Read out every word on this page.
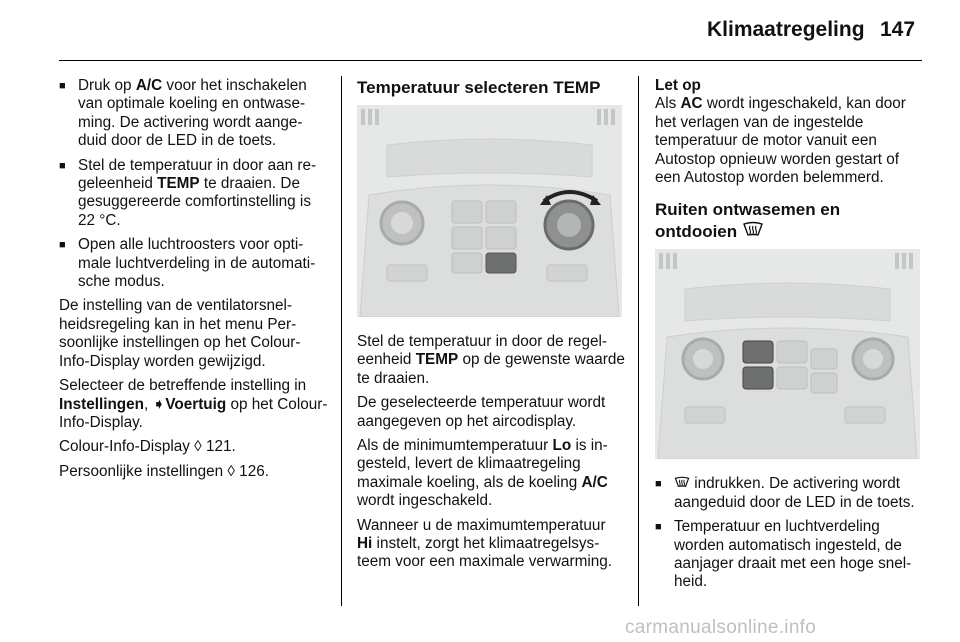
Klimaatregeling 147
■ Druk op A/C voor het inschakelen van optimale koeling en ontwase-ming. De activering wordt aange-duid door de LED in de toets.
■ Stel de temperatuur in door aan re-geleenheid TEMP te draaien. De gesuggereerde comfortinstelling is 22 °C.
■ Open alle luchtroosters voor opti-male luchtverdeling in de automati-sche modus.

De instelling van de ventilatorsnel-heidsregeling kan in het menu Per-soonlijke instellingen op het Colour-Info-Display worden gewijzigd.

Selecteer de betreffende instelling in Instellingen, ➧Voertuig op het Colour-Info-Display.

Colour-Info-Display ◊ 121.

Persoonlijke instellingen ◊ 126.

Temperatuur selecteren TEMP

Stel de temperatuur in door de regel-eenheid TEMP op de gewenste waarde te draaien.

De geselecteerde temperatuur wordt aangegeven op het aircodisplay.

Als de minimumtemperatuur Lo is in-gesteld, levert de klimaatregeling maximale koeling, als de koeling A/C wordt ingeschakeld.

Wanneer u de maximumtemperatuur Hi instelt, zorgt het klimaatregelsys-teem voor een maximale verwarming.

Let op
Als AC wordt ingeschakeld, kan door het verlagen van de ingestelde temperatuur de motor vanuit een Autostop opnieuw worden gestart of een Autostop worden belemmerd.
Ruiten ontwasemen en
ontdooien
■ indrukken. De activering wordt aangeduid door de LED in de toets.
■ Temperatuur en luchtverdeling worden automatisch ingesteld, de aanjager draait met een hoge snel-heid.
carmanualsonline.info
